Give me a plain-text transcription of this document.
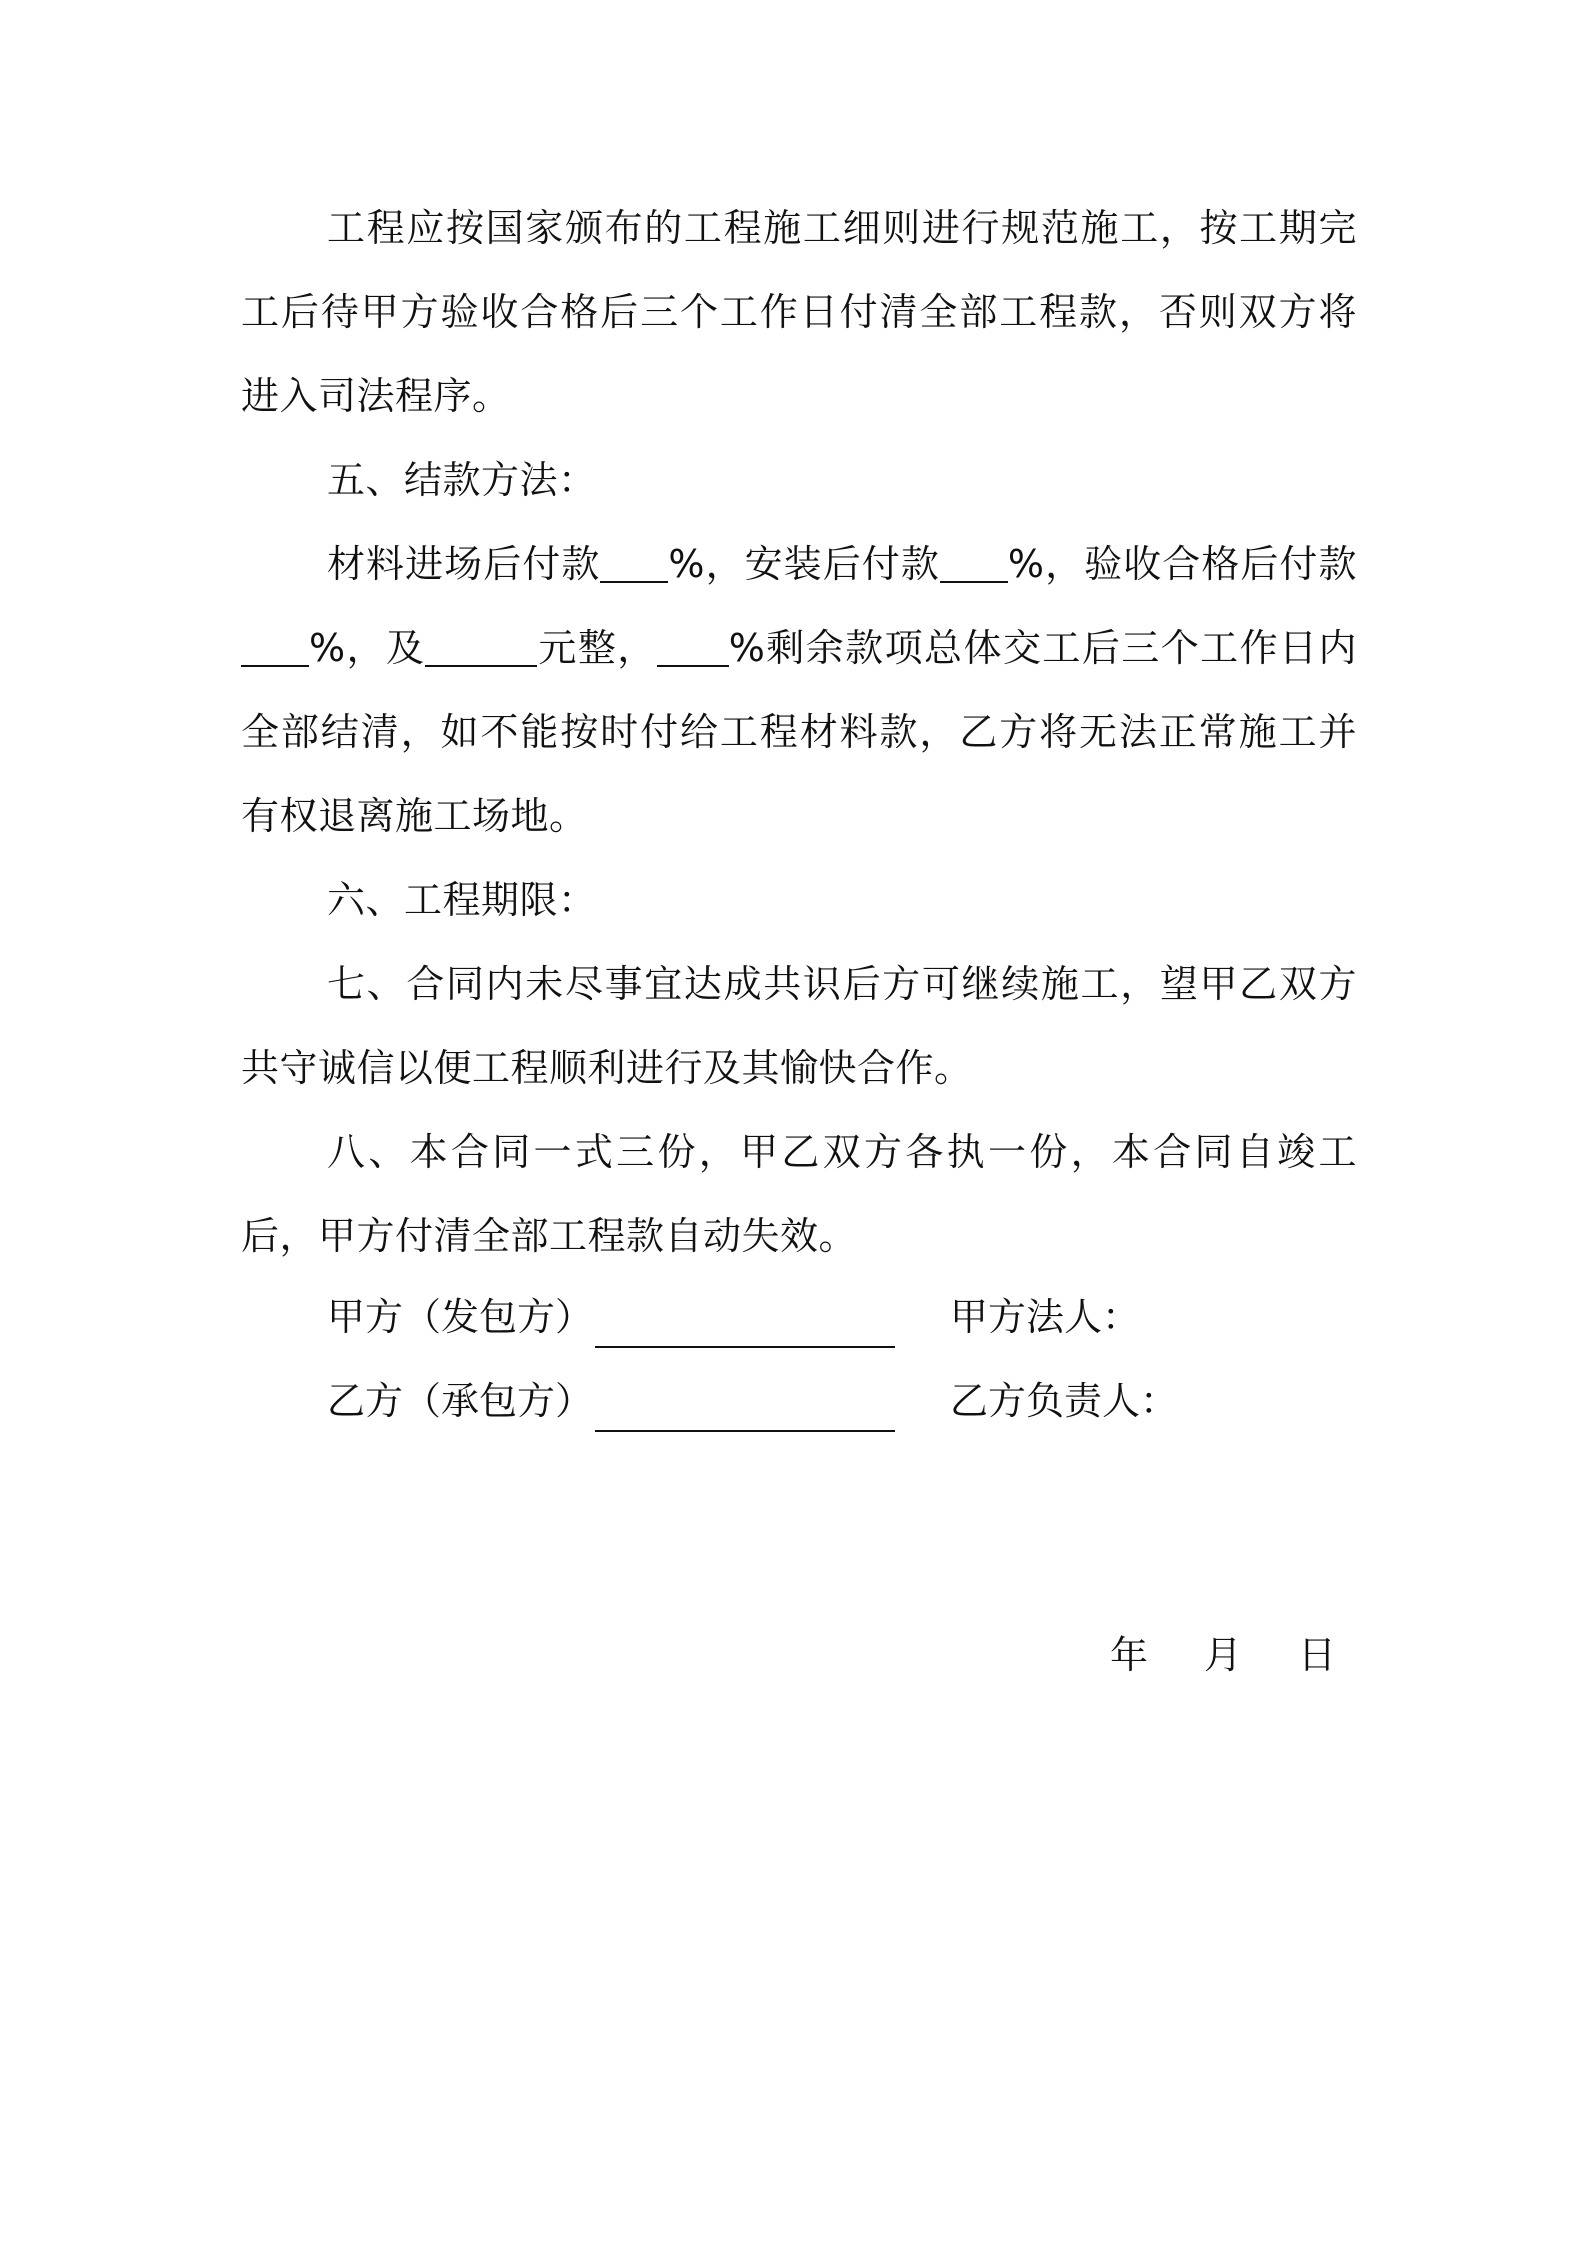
工程应按国家颁布的工程施工细则进行规范施工，按工期完工后待甲方验收合格后三个工作日付清全部工程款，否则双方将进入司法程序。

五、结款方法：

材料进场后付款 %，安装后付款 %，验收合格后付款%，及	元整， %剩余款项总体交工后三个工作日内全部结清，如不能按时付给工程材料款，乙方将无法正常施工并有权退离施工场地。

六、工程期限：

七、合同内未尽事宜达成共识后方可继续施工，望甲乙双方共守诚信以便工程顺利进行及其愉快合作。

八、本合同一式三份，甲乙双方各执一份，本合同自竣工后，甲方付清全部工程款自动失效。

甲方（发包方）	甲方法人：
乙方（承包方）	乙方负责人：
年 月 日
